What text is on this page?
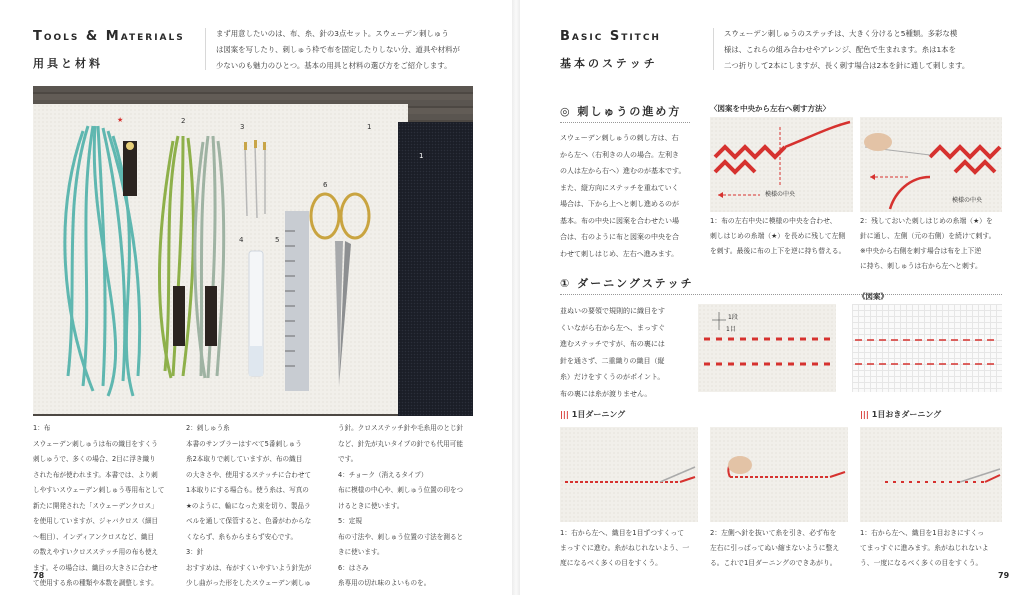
Tools & Materials
用具と材料
まず用意したいのは、布、糸、針の3点セット。スウェーデン刺しゅう
は図案を写したり、刺しゅう枠で布を固定したりしない分、道具や材料が
少ないのも魅力のひとつ。基本の用具と材料の選び方をご紹介します。
★	2
3	1
1
6
4	5
1：布
スウェーデン刺しゅうは布の織目をすくう
刺しゅうで、多くの場合、2目に浮き織り
された布が使われます。本書では、より刺
しやすいスウェーデン刺しゅう専用布として
新たに開発された「スウェーデンクロス」
を使用していますが、ジャバクロス（細目
〜粗目）、インディアンクロスなど、織目
の数えやすいクロスステッチ用の布も使え
ます。その場合は、織目の大きさに合わせ
て使用する糸の種類や本数を調整します。
2：刺しゅう糸
本書のサンプラーはすべて5番刺しゅう
糸2本取りで刺していますが、布の織目
の大きさや、使用するステッチに合わせて
1本取りにする場合も。使う糸は、写真の
★のように、輪になった束を切り、製品ラ
ベルを通して保管すると、色番がわからな
くならず、糸もからまらず安心です。
3：針
おすすめは、布がすくいやすいよう針先が
少し曲がった形をしたスウェーデン刺しゅ
う針。クロスステッチ針や毛糸用のとじ針
など、針先が丸いタイプの針でも代用可能
です。
4：チョーク（消えるタイプ）
布に模様の中心や、刺しゅう位置の印をつ
けるときに使います。
5：定規
布の寸法や、刺しゅう位置の寸法を測ると
きに使います。
6：はさみ
糸専用の切れ味のよいものを。
78
Basic Stitch
基本のステッチ
スウェーデン刺しゅうのステッチは、大きく分けると5種類。多彩な模
様は、これらの組み合わせやアレンジ、配色で生まれます。糸は1本を
二つ折りして2本にしますが、長く刺す場合は2本を針に通して刺します。
◎ 刺しゅうの進め方
スウェーデン刺しゅうの刺し方は、右
から左へ（右利きの人の場合。左利き
の人は左から右へ）進むのが基本です。
また、縦方向にステッチを重ねていく
場合は、下から上へと刺し進めるのが
基本。布の中央に図案を合わせたい場
合は、右のように布と図案の中央を合
わせて刺しはじめ、左右へ進みます。
〈図案を中央から左右へ刺す方法〉
模様の中央
模様の中央
1：布の左右中央に模様の中央を合わせ、
刺しはじめの糸端（★）を長めに残して左側
を刺す。最後に布の上下を逆に持ち替える。
2：残しておいた刺しはじめの糸端（★）を
針に通し、左側（元の右側）を続けて刺す。
※中央から右側を刺す場合は布を上下逆
に持ち、刺しゅうは右から左へと刺す。
① ダーニングステッチ
並ぬいの要領で規則的に織目をす
くいながら右から左へ、まっすぐ
進むステッチですが、布の裏には
針を通さず、二重織りの織目（縦
糸）だけをすくうのがポイント。
布の裏には糸が渡りません。
1段
1目
《図案》
||| 1目ダーニング	||| 1目おきダーニング
1：右から左へ、織目を1目ずつすくって
まっすぐに進む。糸がねじれないよう、一
度になるべく多くの目をすくう。
2：左側へ針を抜いて糸を引き、必ず布を
左右に引っぱってぬい縮まないように整え
る。これで1目ダーニングのできあがり。
1：右から左へ、織目を1目おきにすくっ
てまっすぐに進みます。糸がねじれないよ
う、一度になるべく多くの目をすくう。
79
